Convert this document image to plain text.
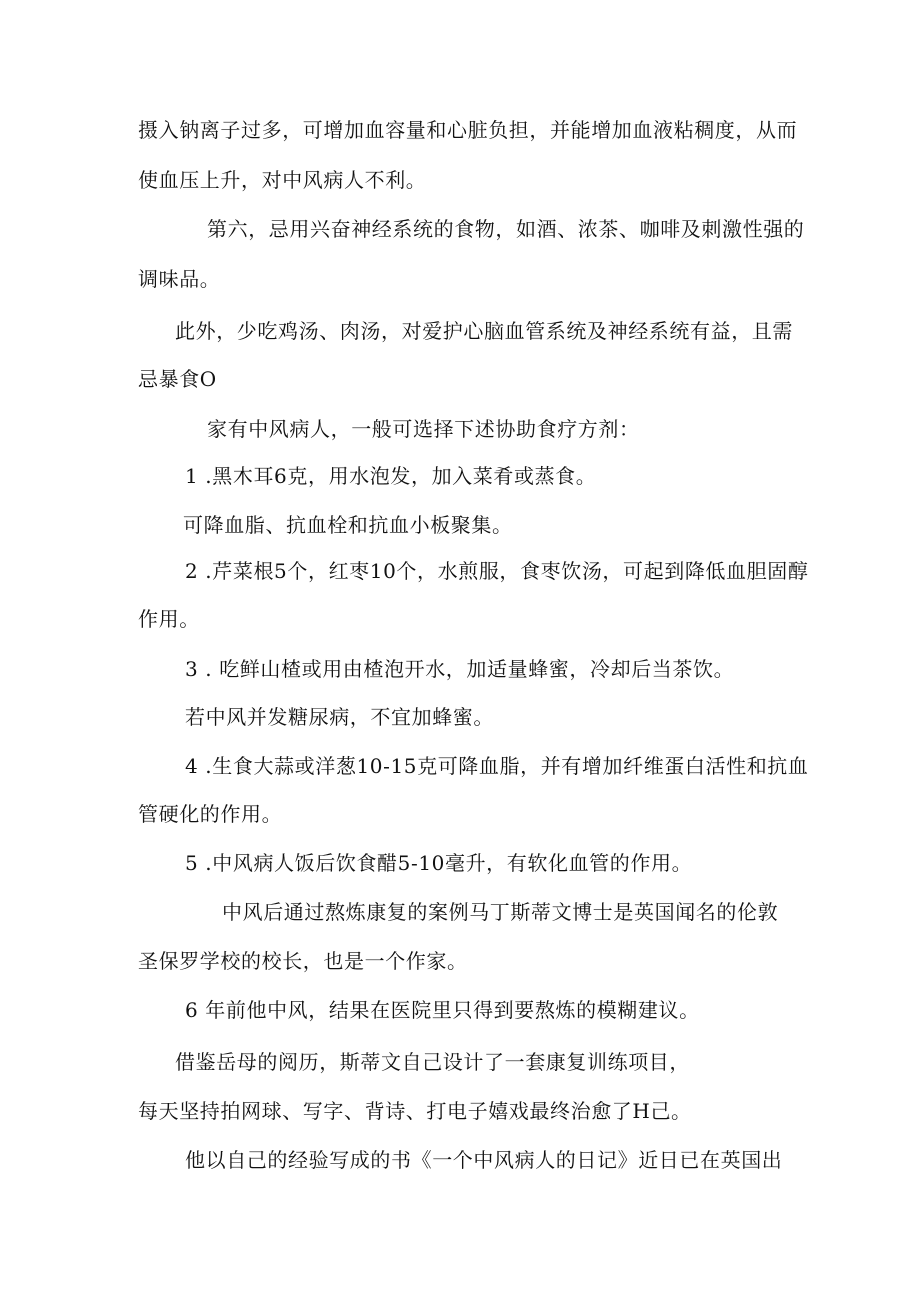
摄入钠离子过多，可增加血容量和心脏负担，并能增加血液粘稠度，从而
使血压上升，对中风病人不利。
第六，忌用兴奋神经系统的食物，如酒、浓茶、咖啡及刺激性强的
调味品。
此外，少吃鸡汤、肉汤，对爱护心脑血管系统及神经系统有益，且需
忌暴食O
家有中风病人，一般可选择下述协助食疗方剂：
1 .黑木耳6克，用水泡发，加入菜肴或蒸食。
可降血脂、抗血栓和抗血小板聚集。
2 .芹菜根5个，红枣10个，水煎服，食枣饮汤，可起到降低血胆固醇
作用。
3 . 吃鲜山楂或用由楂泡开水，加适量蜂蜜，冷却后当茶饮。
若中风并发糖尿病，不宜加蜂蜜。
4 .生食大蒜或洋葱10-15克可降血脂，并有增加纤维蛋白活性和抗血
管硬化的作用。
5 .中风病人饭后饮食醋5-10毫升，有软化血管的作用。
中风后通过熬炼康复的案例马丁斯蒂文博士是英国闻名的伦敦
圣保罗学校的校长，也是一个作家。
6 年前他中风，结果在医院里只得到要熬炼的模糊建议。
借鉴岳母的阅历，斯蒂文自己设计了一套康复训练项目，
每天坚持拍网球、写字、背诗、打电子嬉戏最终治愈了H己。
他以自己的经验写成的书《一个中风病人的日记》近日已在英国出
